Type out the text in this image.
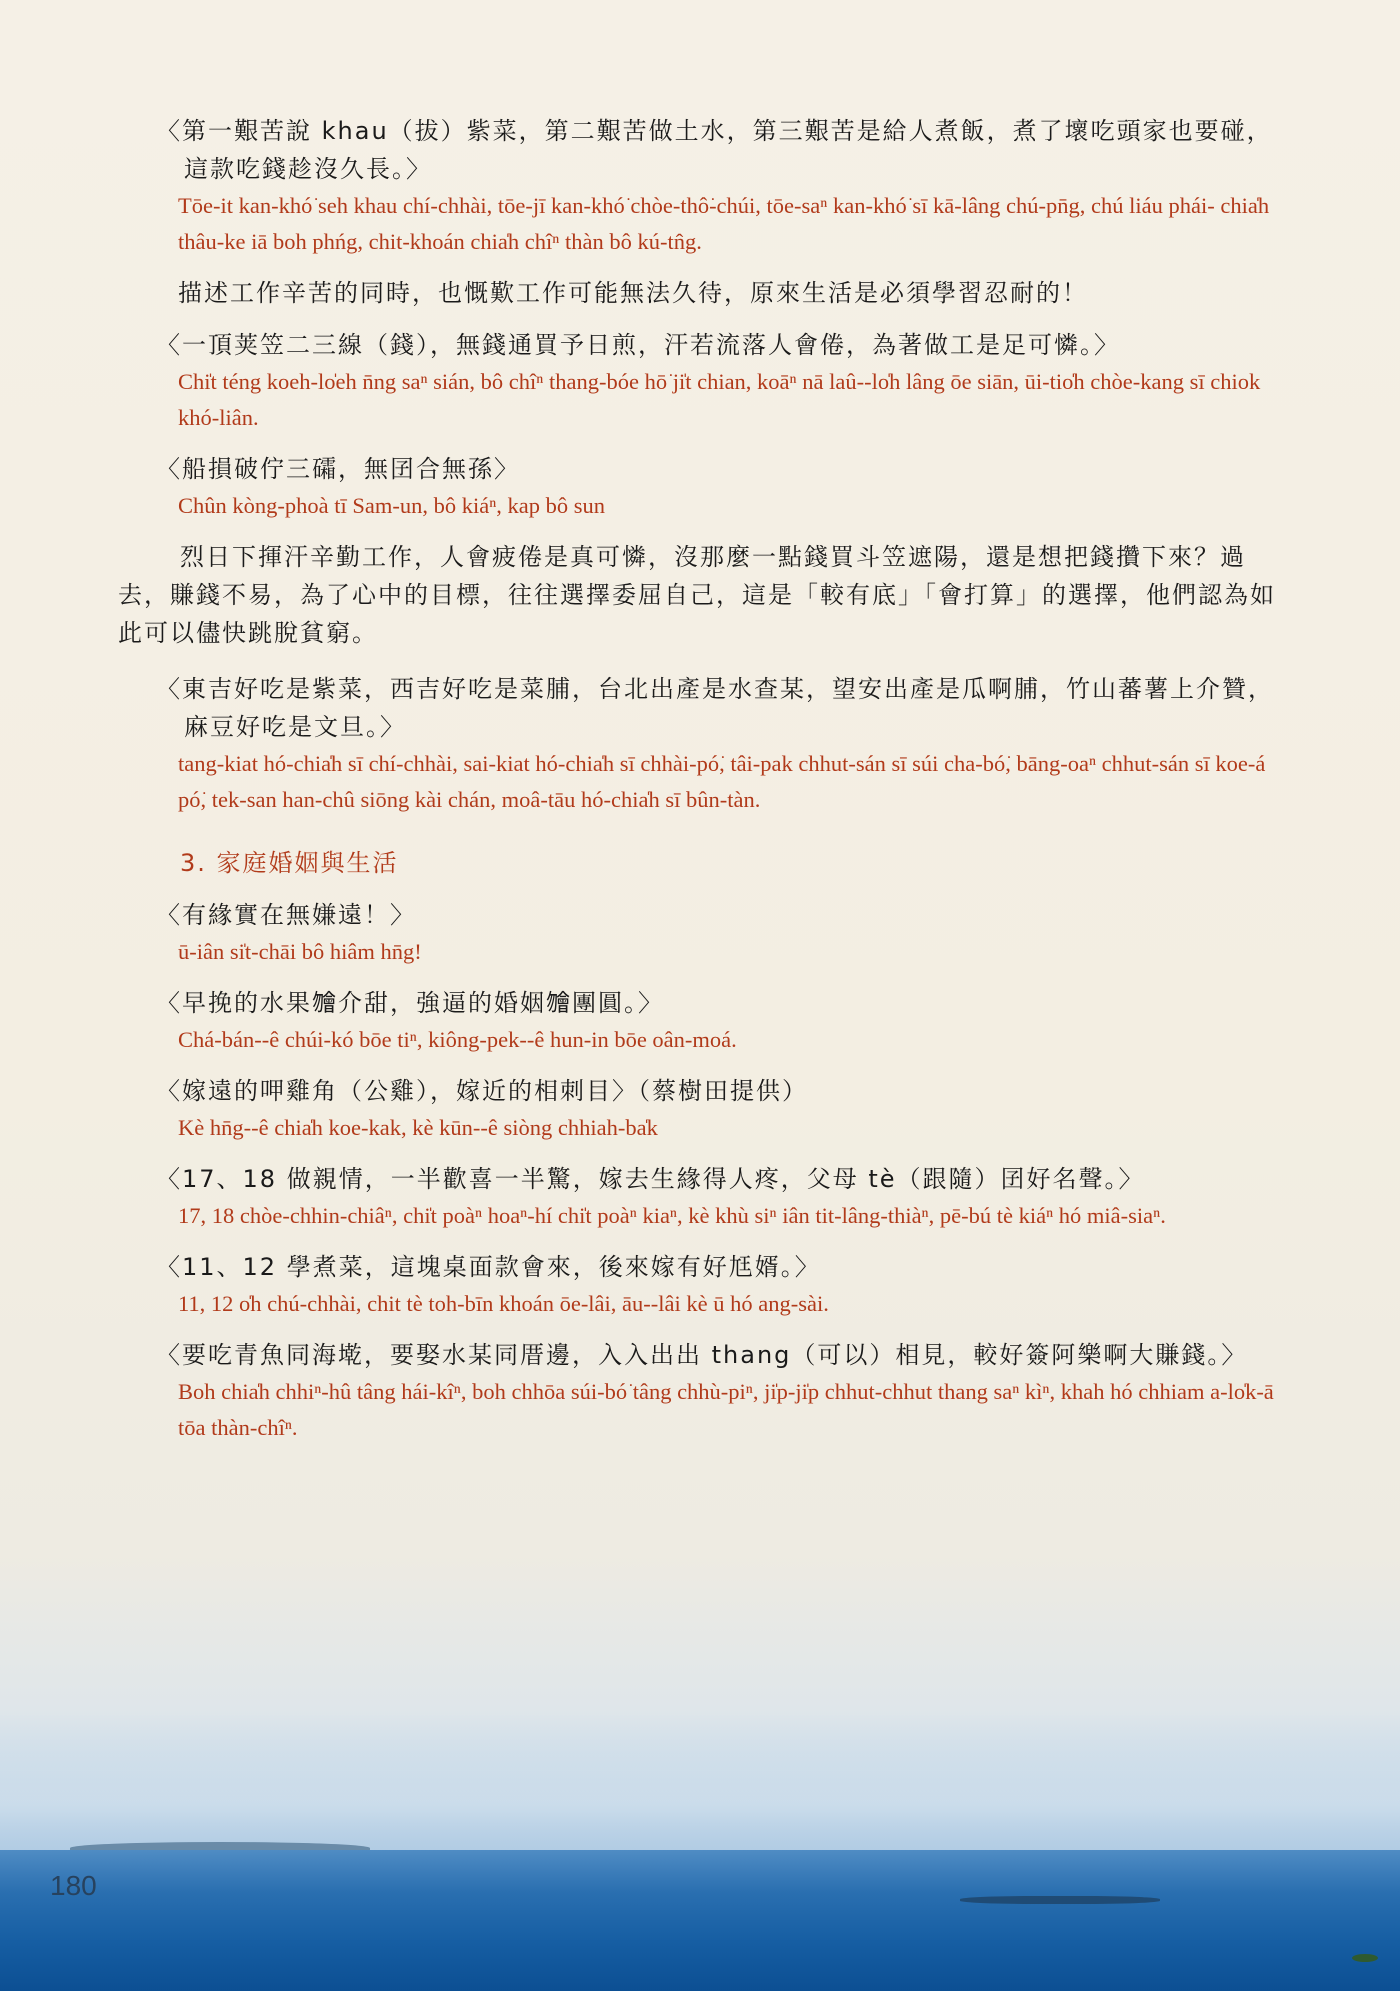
〈第一艱苦說 khau（拔）紫菜，第二艱苦做土水，第三艱苦是給人煮飯，煮了壞吃頭家也要碰，這款吃錢趁沒久長。〉

Tōe-it kan-khó͘ seh khau chí-chhài, tōe-jī kan-khó͘ chòe-thô͘-chúi, tōe-saⁿ kan-khó͘ sī kā-lâng chú-pn̄g, chú liáu phái- chia̍h thâu-ke iā boh phńg, chit-khoán chia̍h chîⁿ thàn bô kú-tn̂g.

描述工作辛苦的同時，也慨歎工作可能無法久待，原來生活是必須學習忍耐的！

〈一頂荚笠二三線（錢），無錢通買予日煎，汗若流落人會倦，為著做工是足可憐。〉

Chi̍t téng koeh-lo̍eh n̄ng saⁿ sián, bô chîⁿ thang-bóe hō͘ ji̍t chian, koāⁿ nā laû--lo̍h lâng ōe siān, ūi-tio̍h chòe-kang sī chiok khó-liân.

〈船損破佇三礵，無囝合無孫〉

Chûn kòng-phoà tī Sam-un, bô kiáⁿ, kap bô sun

烈日下揮汗辛勤工作，人會疲倦是真可憐，沒那麼一點錢買斗笠遮陽，還是想把錢攢下來？過去，賺錢不易，為了心中的目標，往往選擇委屈自己，這是「較有底」「會打算」的選擇，他們認為如此可以儘快跳脫貧窮。

〈東吉好吃是紫菜，西吉好吃是菜脯，台北出產是水查某，望安出產是瓜啊脯，竹山蕃薯上介贊，麻豆好吃是文旦。〉

tang-kiat hó-chia̍h sī chí-chhài, sai-kiat hó-chia̍h sī chhài-pó͘, tâi-pak chhut-sán sī súi cha-bó͘, bāng-oaⁿ chhut-sán sī koe-á pó͘, tek-san han-chû siōng kài chán, moâ-tāu hó-chia̍h sī bûn-tàn.

3. 家庭婚姻與生活

〈有緣實在無嫌遠！〉

ū-iân si̍t-chāi bô hiâm hn̄g!

〈早挽的水果𣍐介甜，強逼的婚姻𣍐團圓。〉

Chá-bán--ê chúi-kó bōe tiⁿ, kiông-pek--ê hun-in bōe oân-moá.

〈嫁遠的呷雞角（公雞），嫁近的相刺目〉（蔡樹田提供）

Kè hn̄g--ê chia̍h koe-kak, kè kūn--ê siòng chhiah-ba̍k

〈17、18 做親情，一半歡喜一半驚，嫁去生緣得人疼，父母 tè（跟隨）囝好名聲。〉

17, 18 chòe-chhin-chiâⁿ, chi̍t poàⁿ hoaⁿ-hí chi̍t poàⁿ kiaⁿ, kè khù siⁿ iân tit-lâng-thiàⁿ, pē-bú tè kiáⁿ hó miâ-siaⁿ.

〈11、12 學煮菜，這塊桌面款會來，後來嫁有好尪婿。〉

11, 12 o̍h chú-chhài, chit tè toh-bīn khoán ōe-lâi, āu--lâi kè ū hó ang-sài.

〈要吃青魚同海墘，要娶水某同厝邊，入入出出 thang（可以）相見，較好簽阿樂啊大賺錢。〉

Boh chia̍h chhiⁿ-hû tâng hái-kîⁿ, boh chhōa súi-bó͘ tâng chhù-piⁿ, ji̍p-ji̍p chhut-chhut thang saⁿ kìⁿ, khah hó chhiam a-lo̍k-ā tōa thàn-chîⁿ.

180
